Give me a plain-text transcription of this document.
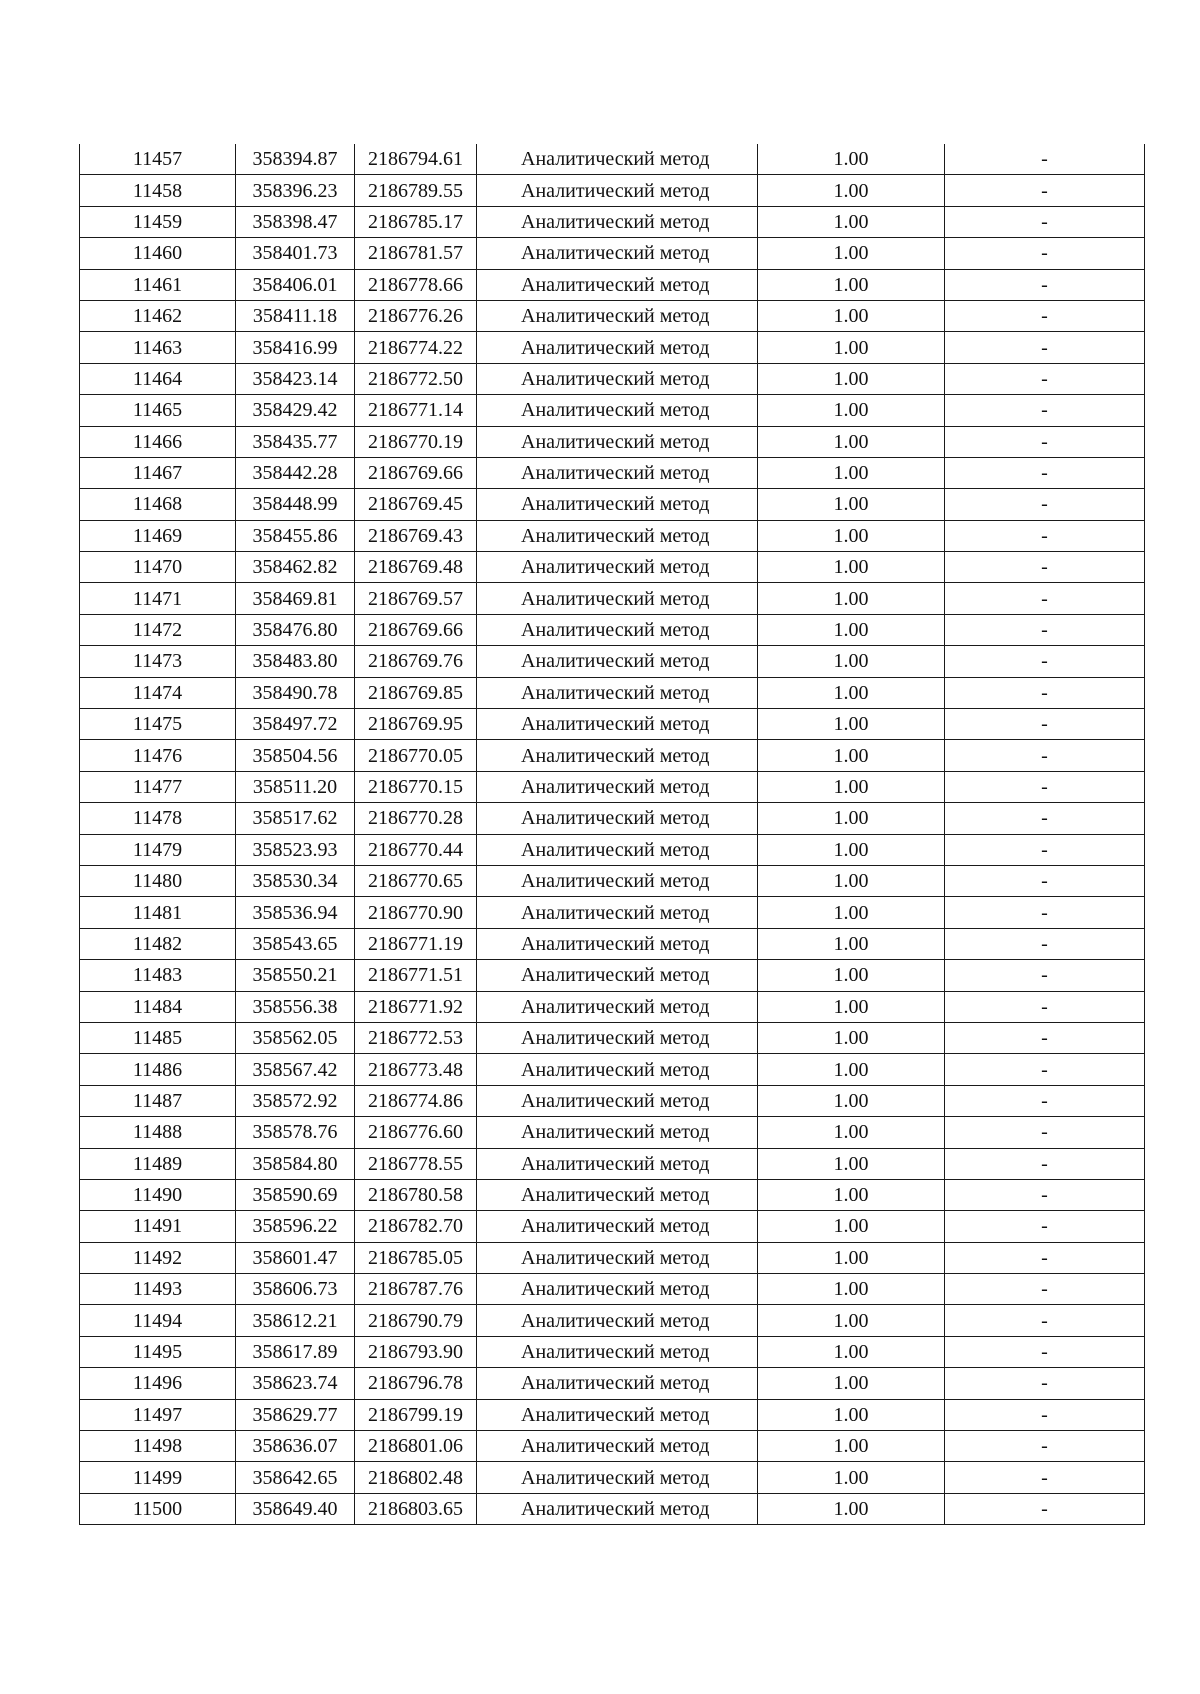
11457	358394.87	2186794.61	Аналитический метод	1.00	-
11458	358396.23	2186789.55	Аналитический метод	1.00	-
11459	358398.47	2186785.17	Аналитический метод	1.00	-
11460	358401.73	2186781.57	Аналитический метод	1.00	-
11461	358406.01	2186778.66	Аналитический метод	1.00	-
11462	358411.18	2186776.26	Аналитический метод	1.00	-
11463	358416.99	2186774.22	Аналитический метод	1.00	-
11464	358423.14	2186772.50	Аналитический метод	1.00	-
11465	358429.42	2186771.14	Аналитический метод	1.00	-
11466	358435.77	2186770.19	Аналитический метод	1.00	-
11467	358442.28	2186769.66	Аналитический метод	1.00	-
11468	358448.99	2186769.45	Аналитический метод	1.00	-
11469	358455.86	2186769.43	Аналитический метод	1.00	-
11470	358462.82	2186769.48	Аналитический метод	1.00	-
11471	358469.81	2186769.57	Аналитический метод	1.00	-
11472	358476.80	2186769.66	Аналитический метод	1.00	-
11473	358483.80	2186769.76	Аналитический метод	1.00	-
11474	358490.78	2186769.85	Аналитический метод	1.00	-
11475	358497.72	2186769.95	Аналитический метод	1.00	-
11476	358504.56	2186770.05	Аналитический метод	1.00	-
11477	358511.20	2186770.15	Аналитический метод	1.00	-
11478	358517.62	2186770.28	Аналитический метод	1.00	-
11479	358523.93	2186770.44	Аналитический метод	1.00	-
11480	358530.34	2186770.65	Аналитический метод	1.00	-
11481	358536.94	2186770.90	Аналитический метод	1.00	-
11482	358543.65	2186771.19	Аналитический метод	1.00	-
11483	358550.21	2186771.51	Аналитический метод	1.00	-
11484	358556.38	2186771.92	Аналитический метод	1.00	-
11485	358562.05	2186772.53	Аналитический метод	1.00	-
11486	358567.42	2186773.48	Аналитический метод	1.00	-
11487	358572.92	2186774.86	Аналитический метод	1.00	-
11488	358578.76	2186776.60	Аналитический метод	1.00	-
11489	358584.80	2186778.55	Аналитический метод	1.00	-
11490	358590.69	2186780.58	Аналитический метод	1.00	-
11491	358596.22	2186782.70	Аналитический метод	1.00	-
11492	358601.47	2186785.05	Аналитический метод	1.00	-
11493	358606.73	2186787.76	Аналитический метод	1.00	-
11494	358612.21	2186790.79	Аналитический метод	1.00	-
11495	358617.89	2186793.90	Аналитический метод	1.00	-
11496	358623.74	2186796.78	Аналитический метод	1.00	-
11497	358629.77	2186799.19	Аналитический метод	1.00	-
11498	358636.07	2186801.06	Аналитический метод	1.00	-
11499	358642.65	2186802.48	Аналитический метод	1.00	-
11500	358649.40	2186803.65	Аналитический метод	1.00	-
